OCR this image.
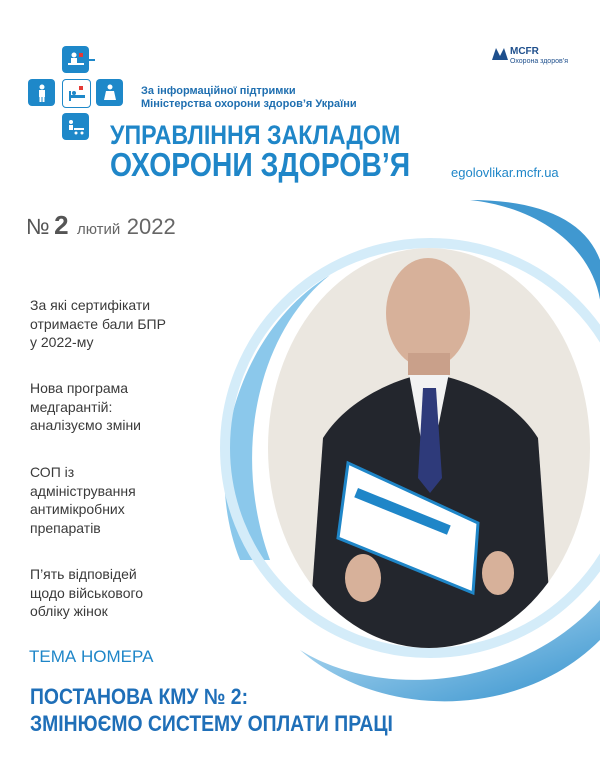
За інформаційної підтримки
Міністерства охорони здоров’я України
УПРАВЛІННЯ ЗАКЛАДОМ
ОХОРОНИ ЗДОРОВ’Я
MCFR
Охорона здоров’я
egolovlikar.mcfr.ua
№ 2 лютий 2022
За які сертифікати
отримаєте бали БПР
у 2022-му
Нова програма
медгарантій:
аналізуємо зміни
СОП із
адміністрування
антимікробних
препаратів
П’ять відповідей
щодо військового
обліку жінок
ТЕМА НОМЕРА
ПОСТАНОВА КМУ № 2:
ЗМІНЮЄМО СИСТЕМУ ОПЛАТИ ПРАЦІ
